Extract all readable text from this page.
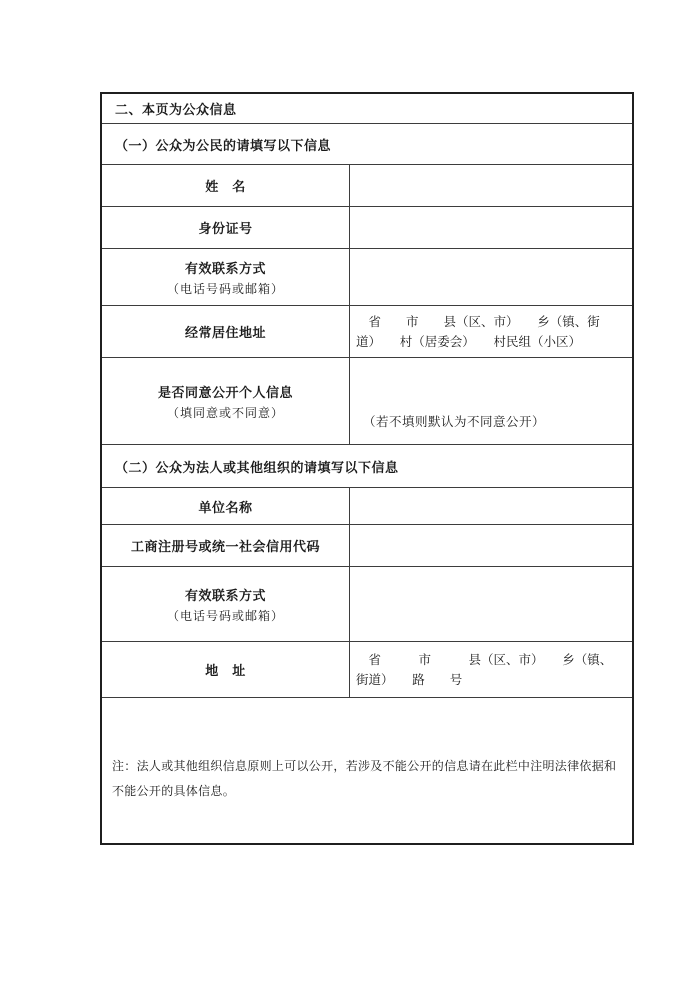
二、本页为公众信息
（一）公众为公民的请填写以下信息
姓　名
身份证号
有效联系方式
（电话号码或邮箱）
经常居住地址
　省　　市　　县（区、市）　　乡（镇、街
道）　　村（居委会）　　村民组（小区）
是否同意公开个人信息
（填同意或不同意）
（若不填则默认为不同意公开）
（二）公众为法人或其他组织的请填写以下信息
单位名称
工商注册号或统一社会信用代码
有效联系方式
（电话号码或邮箱）
地　址
　省　　　市　　　县（区、市）　　乡（镇、
街道）　　路　　号
注：法人或其他组织信息原则上可以公开，若涉及不能公开的信息请在此栏中注明法律依据和不能公开的具体信息。
